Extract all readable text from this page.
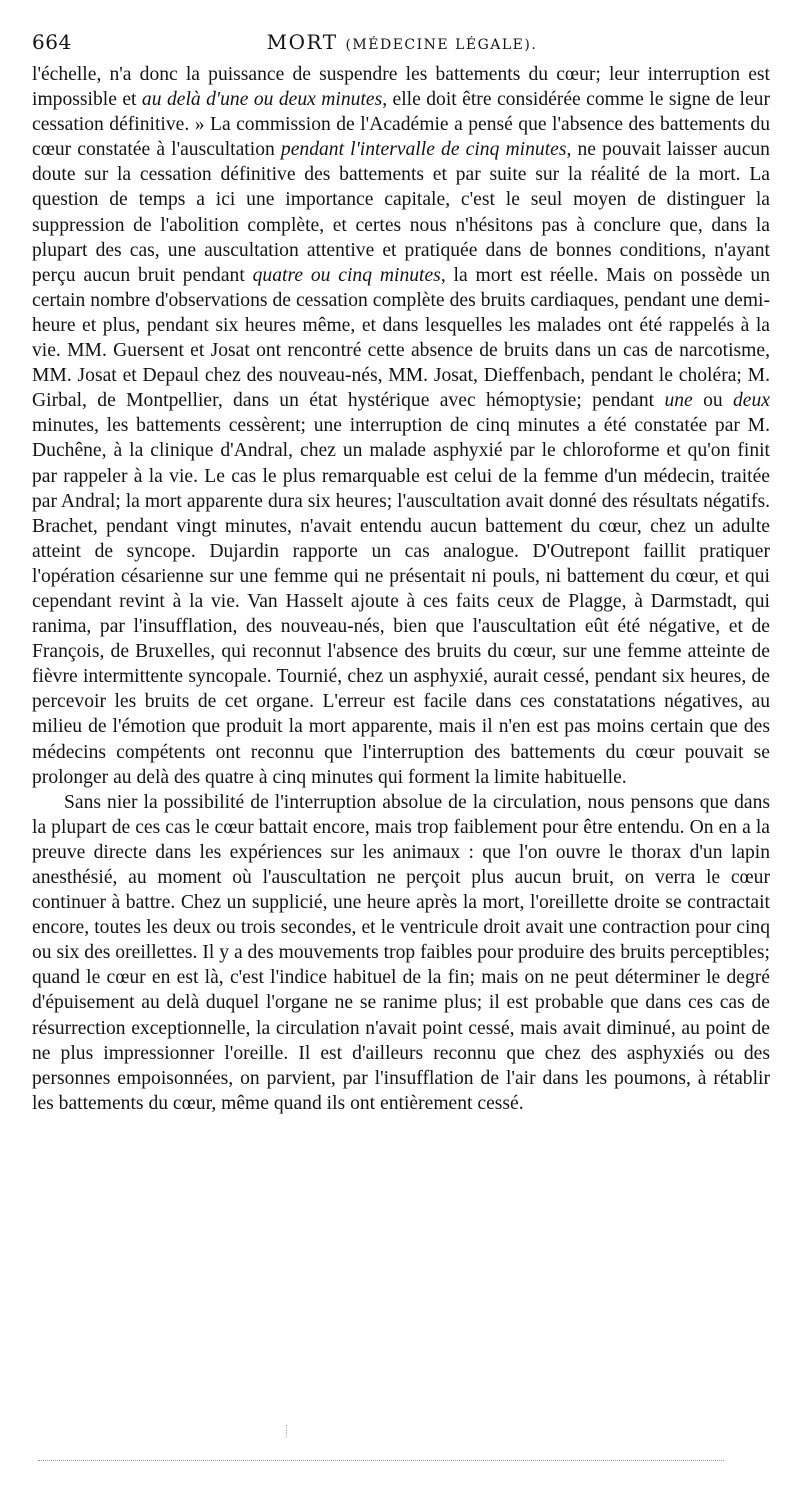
664	MORT (MÉDECINE LÉGALE).

l'échelle, n'a donc la puissance de suspendre les battements du cœur; leur interruption est impossible et au delà d'une ou deux minutes, elle doit être considérée comme le signe de leur cessation définitive. » La commission de l'Académie a pensé que l'absence des battements du cœur constatée à l'auscultation pendant l'intervalle de cinq minutes, ne pouvait laisser aucun doute sur la cessation définitive des battements et par suite sur la réalité de la mort. La question de temps a ici une importance capitale, c'est le seul moyen de distinguer la suppression de l'abolition complète, et certes nous n'hésitons pas à conclure que, dans la plupart des cas, une auscultation attentive et pratiquée dans de bonnes conditions, n'ayant perçu aucun bruit pendant quatre ou cinq minutes, la mort est réelle. Mais on possède un certain nombre d'observations de cessation complète des bruits cardiaques, pendant une demi-heure et plus, pendant six heures même, et dans lesquelles les malades ont été rappelés à la vie. MM. Guersent et Josat ont rencontré cette absence de bruits dans un cas de narcotisme, MM. Josat et Depaul chez des nouveau-nés, MM. Josat, Dieffenbach, pendant le choléra; M. Girbal, de Montpellier, dans un état hystérique avec hémoptysie; pendant une ou deux minutes, les battements cessèrent; une interruption de cinq minutes a été constatée par M. Duchêne, à la clinique d'Andral, chez un malade asphyxié par le chloroforme et qu'on finit par rappeler à la vie. Le cas le plus remarquable est celui de la femme d'un médecin, traitée par Andral; la mort apparente dura six heures; l'auscultation avait donné des résultats négatifs. Brachet, pendant vingt minutes, n'avait entendu aucun battement du cœur, chez un adulte atteint de syncope. Dujardin rapporte un cas analogue. D'Outrepont faillit pratiquer l'opération césarienne sur une femme qui ne présentait ni pouls, ni battement du cœur, et qui cependant revint à la vie. Van Hasselt ajoute à ces faits ceux de Plagge, à Darmstadt, qui ranima, par l'insufflation, des nouveau-nés, bien que l'auscultation eût été négative, et de François, de Bruxelles, qui reconnut l'absence des bruits du cœur, sur une femme atteinte de fièvre intermittente syncopale. Tournié, chez un asphyxié, aurait cessé, pendant six heures, de percevoir les bruits de cet organe. L'erreur est facile dans ces constatations négatives, au milieu de l'émotion que produit la mort apparente, mais il n'en est pas moins certain que des médecins compétents ont reconnu que l'interruption des battements du cœur pouvait se prolonger au delà des quatre à cinq minutes qui forment la limite habituelle.

Sans nier la possibilité de l'interruption absolue de la circulation, nous pensons que dans la plupart de ces cas le cœur battait encore, mais trop faiblement pour être entendu. On en a la preuve directe dans les expériences sur les animaux : que l'on ouvre le thorax d'un lapin anesthésié, au moment où l'auscultation ne perçoit plus aucun bruit, on verra le cœur continuer à battre. Chez un supplicié, une heure après la mort, l'oreillette droite se contractait encore, toutes les deux ou trois secondes, et le ventricule droit avait une contraction pour cinq ou six des oreillettes. Il y a des mouvements trop faibles pour produire des bruits perceptibles; quand le cœur en est là, c'est l'indice habituel de la fin; mais on ne peut déterminer le degré d'épuisement au delà duquel l'organe ne se ranime plus; il est probable que dans ces cas de résurrection exceptionnelle, la circulation n'avait point cessé, mais avait diminué, au point de ne plus impressionner l'oreille. Il est d'ailleurs reconnu que chez des asphyxiés ou des personnes empoisonnées, on parvient, par l'insufflation de l'air dans les poumons, à rétablir les battements du cœur, même quand ils ont entièrement cessé.
